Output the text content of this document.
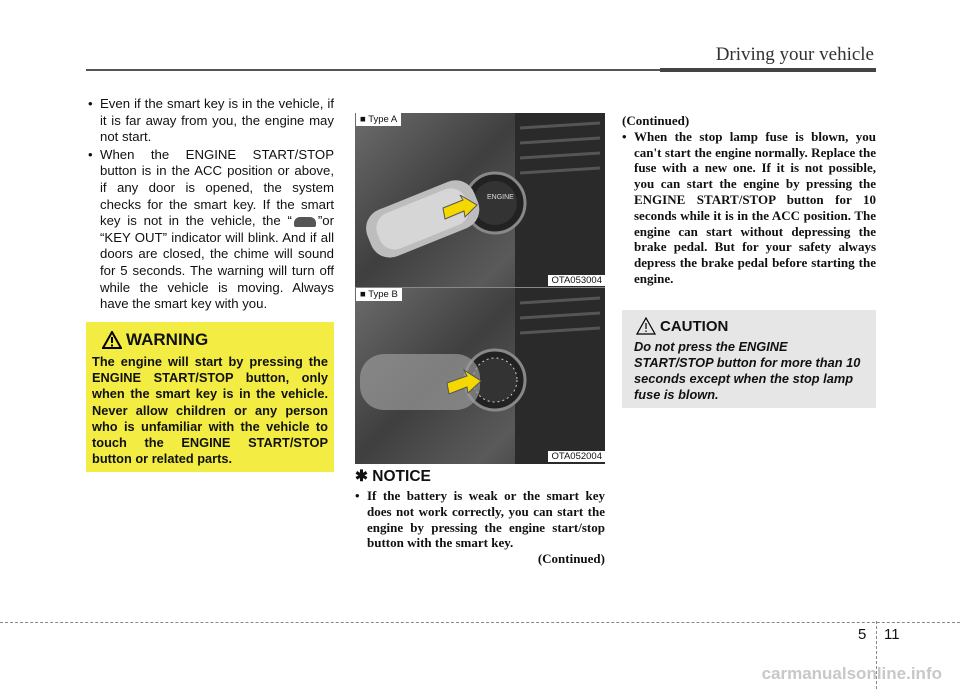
Driving your vehicle
• Even if the smart key is in the vehicle, if it is far away from you, the engine may not start.
• When the ENGINE START/STOP button is in the ACC position or above, if any door is opened, the system checks for the smart key. If the smart key is not in the vehicle, the “ ”or “KEY OUT” indicator will blink. And if all doors are closed, the chime will sound for 5 seconds. The warning will turn off while the vehicle is moving. Always have the smart key with you.
WARNING
The engine will start by pressing the ENGINE START/STOP button, only when the smart key is in the vehicle. Never allow children or any person who is unfamiliar with the vehicle to touch the ENGINE START/STOP button or related parts.
ENGINE
■ Type A
OTA053004
■ Type B
OTA052004
✱ NOTICE
• If the battery is weak or the smart key does not work correctly, you can start the engine by pressing the engine start/stop button with the smart key.
(Continued)
(Continued)
• When the stop lamp fuse is blown, you can't start the engine normally. Replace the fuse with a new one. If it is not possible, you can start the engine by pressing the ENGINE START/STOP button for 10 seconds while it is in the ACC position. The engine can start without depressing the brake pedal. But for your safety always depress the brake pedal before starting the engine.
CAUTION
Do not press the ENGINE START/STOP button for more than 10 seconds except when the stop lamp fuse is blown.
5 11
carmanualsonline.info
